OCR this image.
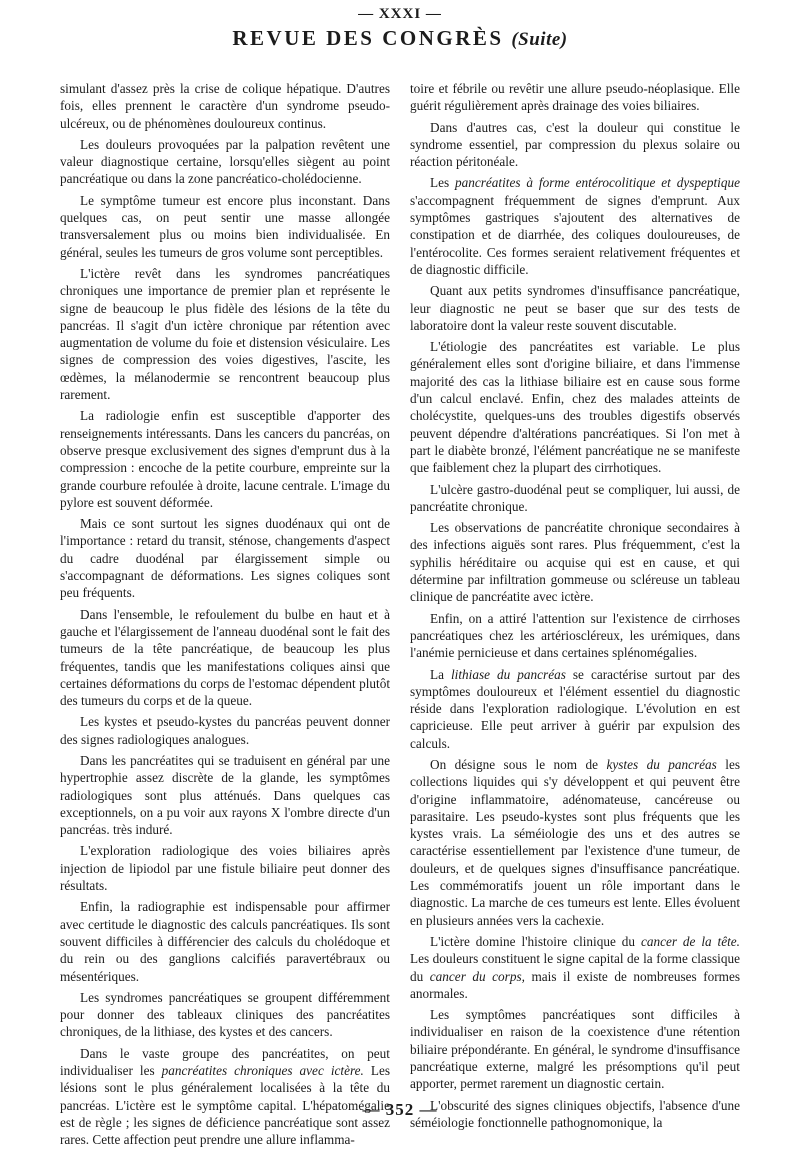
— XXXI —
REVUE DES CONGRÈS (Suite)

simulant d'assez près la crise de colique hépatique. D'autres fois, elles prennent le caractère d'un syndrome pseudo-ulcéreux, ou de phénomènes douloureux continus.

Les douleurs provoquées par la palpation revêtent une valeur diagnostique certaine, lorsqu'elles siègent au point pancréatique ou dans la zone pancréatico-cholédocienne.

Le symptôme tumeur est encore plus inconstant. Dans quelques cas, on peut sentir une masse allongée transversalement plus ou moins bien individualisée. En général, seules les tumeurs de gros volume sont perceptibles.

L'ictère revêt dans les syndromes pancréatiques chroniques une importance de premier plan et représente le signe de beaucoup le plus fidèle des lésions de la tête du pancréas. Il s'agit d'un ictère chronique par rétention avec augmentation de volume du foie et distension vésiculaire. Les signes de compression des voies digestives, l'ascite, les œdèmes, la mélanodermie se rencontrent beaucoup plus rarement.

La radiologie enfin est susceptible d'apporter des renseignements intéressants. Dans les cancers du pancréas, on observe presque exclusivement des signes d'emprunt dus à la compression : encoche de la petite courbure, empreinte sur la grande courbure refoulée à droite, lacune centrale. L'image du pylore est souvent déformée.

Mais ce sont surtout les signes duodénaux qui ont de l'importance : retard du transit, sténose, changements d'aspect du cadre duodénal par élargissement simple ou s'accompagnant de déformations. Les signes coliques sont peu fréquents.

Dans l'ensemble, le refoulement du bulbe en haut et à gauche et l'élargissement de l'anneau duodénal sont le fait des tumeurs de la tête pancréatique, de beaucoup les plus fréquentes, tandis que les manifestations coliques ainsi que certaines déformations du corps de l'estomac dépendent plutôt des tumeurs du corps et de la queue.

Les kystes et pseudo-kystes du pancréas peuvent donner des signes radiologiques analogues.

Dans les pancréatites qui se traduisent en général par une hypertrophie assez discrète de la glande, les symptômes radiologiques sont plus atténués. Dans quelques cas exceptionnels, on a pu voir aux rayons X l'ombre directe d'un pancréas. très induré.

L'exploration radiologique des voies biliaires après injection de lipiodol par une fistule biliaire peut donner des résultats.

Enfin, la radiographie est indispensable pour affirmer avec certitude le diagnostic des calculs pancréatiques. Ils sont souvent difficiles à différencier des calculs du cholédoque et du rein ou des ganglions calcifiés paravertébraux ou mésentériques.

Les syndromes pancréatiques se groupent différemment pour donner des tableaux cliniques des pancréatites chroniques, de la lithiase, des kystes et des cancers.

Dans le vaste groupe des pancréatites, on peut individualiser les pancréatites chroniques avec ictère. Les lésions sont le plus généralement localisées à la tête du pancréas. L'ictère est le symptôme capital. L'hépatomégalie est de règle ; les signes de déficience pancréatique sont assez rares. Cette affection peut prendre une allure inflamma-

toire et fébrile ou revêtir une allure pseudo-néoplasique. Elle guérit régulièrement après drainage des voies biliaires.

Dans d'autres cas, c'est la douleur qui constitue le syndrome essentiel, par compression du plexus solaire ou réaction péritonéale.

Les pancréatites à forme entérocolitique et dyspeptique s'accompagnent fréquemment de signes d'emprunt. Aux symptômes gastriques s'ajoutent des alternatives de constipation et de diarrhée, des coliques douloureuses, de l'entérocolite. Ces formes seraient relativement fréquentes et de diagnostic difficile.

Quant aux petits syndromes d'insuffisance pancréatique, leur diagnostic ne peut se baser que sur des tests de laboratoire dont la valeur reste souvent discutable.

L'étiologie des pancréatites est variable. Le plus généralement elles sont d'origine biliaire, et dans l'immense majorité des cas la lithiase biliaire est en cause sous forme d'un calcul enclavé. Enfin, chez des malades atteints de cholécystite, quelques-uns des troubles digestifs observés peuvent dépendre d'altérations pancréatiques. Si l'on met à part le diabète bronzé, l'élément pancréatique ne se manifeste que faiblement chez la plupart des cirrhotiques.

L'ulcère gastro-duodénal peut se compliquer, lui aussi, de pancréatite chronique.

Les observations de pancréatite chronique secondaires à des infections aiguës sont rares. Plus fréquemment, c'est la syphilis héréditaire ou acquise qui est en cause, et qui détermine par infiltration gommeuse ou scléreuse un tableau clinique de pancréatite avec ictère.

Enfin, on a attiré l'attention sur l'existence de cirrhoses pancréatiques chez les artérioscléreux, les urémiques, dans l'anémie pernicieuse et dans certaines splénomégalies.

La lithiase du pancréas se caractérise surtout par des symptômes douloureux et l'élément essentiel du diagnostic réside dans l'exploration radiologique. L'évolution en est capricieuse. Elle peut arriver à guérir par expulsion des calculs.

On désigne sous le nom de kystes du pancréas les collections liquides qui s'y développent et qui peuvent être d'origine inflammatoire, adénomateuse, cancéreuse ou parasitaire. Les pseudo-kystes sont plus fréquents que les kystes vrais. La séméiologie des uns et des autres se caractérise essentiellement par l'existence d'une tumeur, de douleurs, et de quelques signes d'insuffisance pancréatique. Les commémoratifs jouent un rôle important dans le diagnostic. La marche de ces tumeurs est lente. Elles évoluent en plusieurs années vers la cachexie.

L'ictère domine l'histoire clinique du cancer de la tête. Les douleurs constituent le signe capital de la forme classique du cancer du corps, mais il existe de nombreuses formes anormales.

Les symptômes pancréatiques sont difficiles à individualiser en raison de la coexistence d'une rétention biliaire prépondérante. En général, le syndrome d'insuffisance pancréatique externe, malgré les présomptions qu'il peut apporter, permet rarement un diagnostic certain.

L'obscurité des signes cliniques objectifs, l'absence d'une séméiologie fonctionnelle pathognomonique, la

— 352 —
